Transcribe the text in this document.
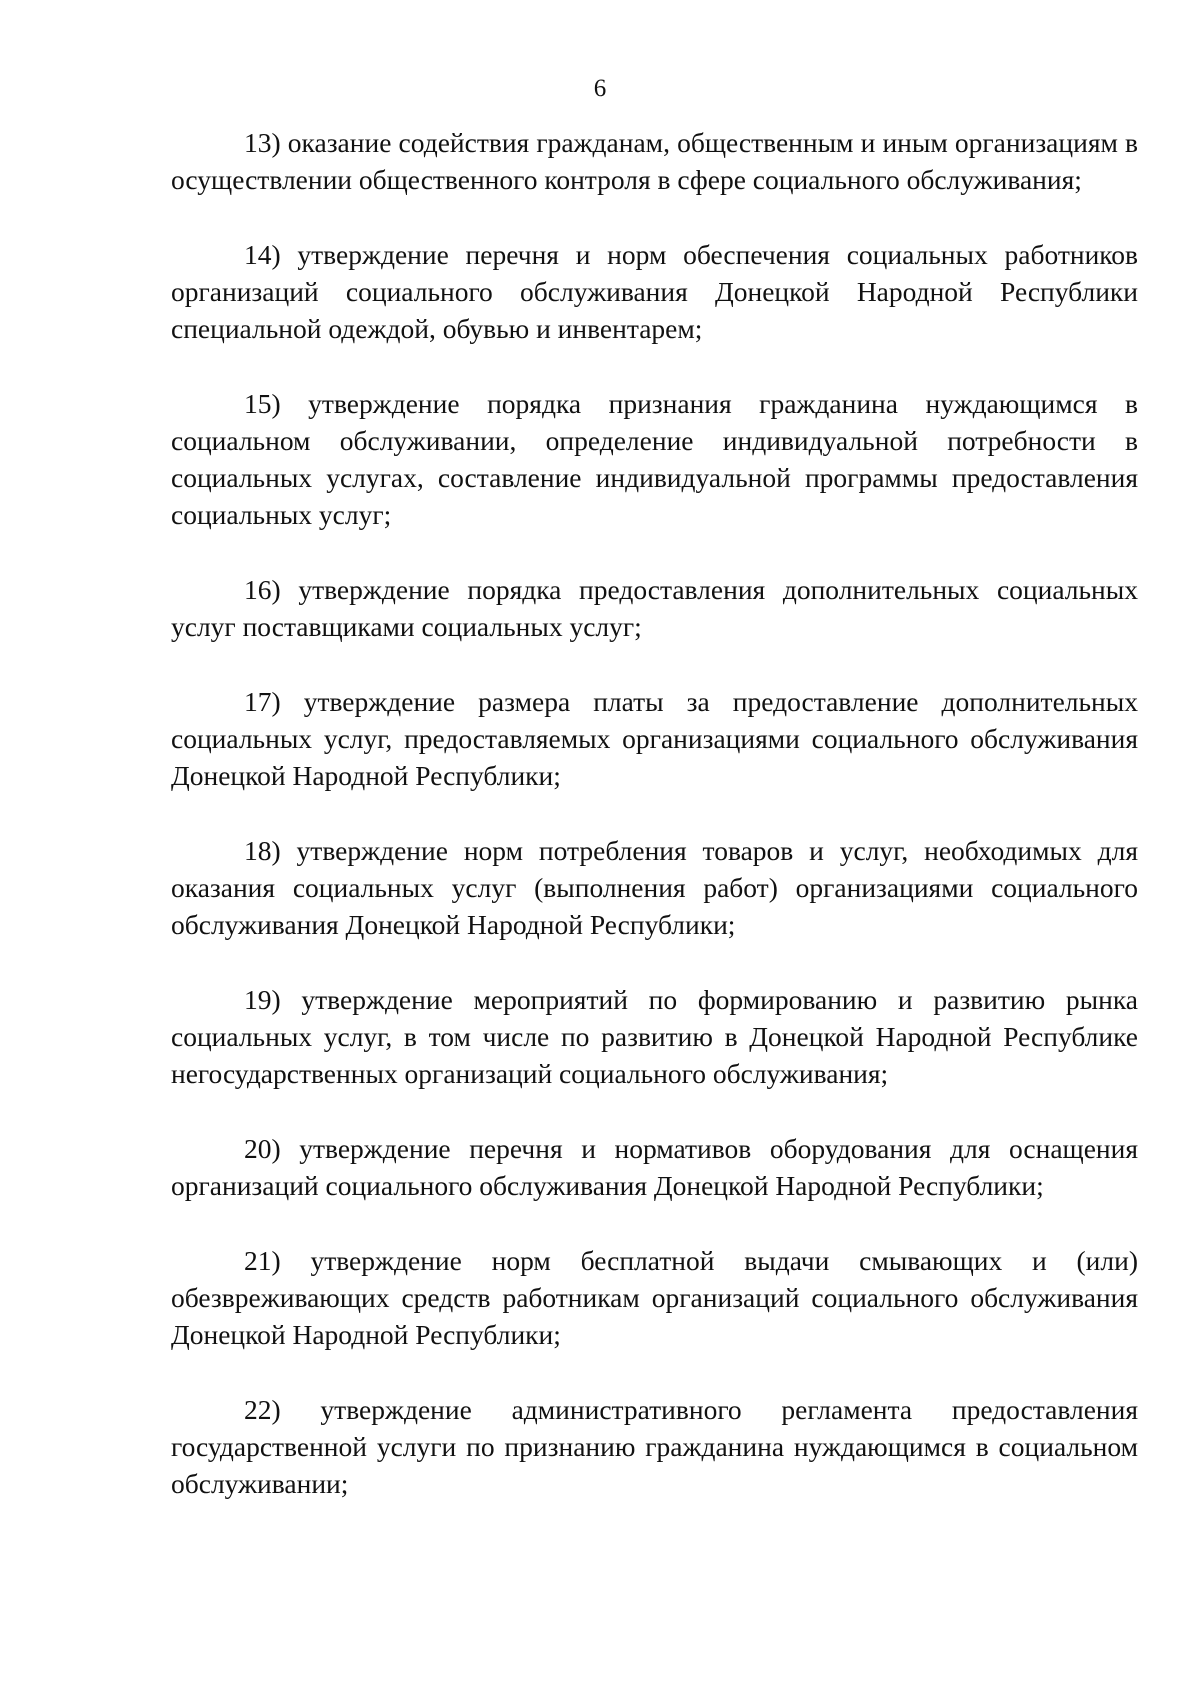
6

13) оказание содействия гражданам, общественным и иным организациям в осуществлении общественного контроля в сфере социального обслуживания;

14) утверждение перечня и норм обеспечения социальных работников организаций социального обслуживания Донецкой Народной Республики специальной одеждой, обувью и инвентарем;

15) утверждение порядка признания гражданина нуждающимся в социальном обслуживании, определение индивидуальной потребности в социальных услугах, составление индивидуальной программы предоставления социальных услуг;

16) утверждение порядка предоставления дополнительных социальных услуг поставщиками социальных услуг;

17) утверждение размера платы за предоставление дополнительных социальных услуг, предоставляемых организациями социального обслуживания Донецкой Народной Республики;

18) утверждение норм потребления товаров и услуг, необходимых для оказания социальных услуг (выполнения работ) организациями социального обслуживания Донецкой Народной Республики;

19) утверждение мероприятий по формированию и развитию рынка социальных услуг, в том числе по развитию в Донецкой Народной Республике негосударственных организаций социального обслуживания;

20) утверждение перечня и нормативов оборудования для оснащения организаций социального обслуживания Донецкой Народной Республики;

21) утверждение норм бесплатной выдачи смывающих и (или) обезвреживающих средств работникам организаций социального обслуживания Донецкой Народной Республики;

22) утверждение административного регламента предоставления государственной услуги по признанию гражданина нуждающимся в социальном обслуживании;
